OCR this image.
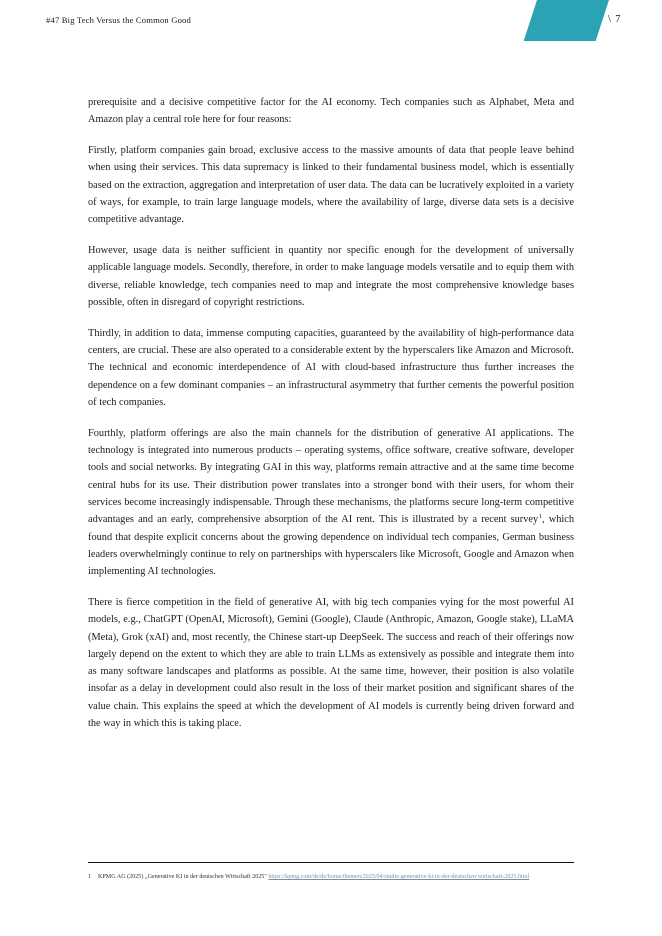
#47 Big Tech Versus the Common Good	\ 7

prerequisite and a decisive competitive factor for the AI economy. Tech companies such as Alphabet, Meta and Amazon play a central role here for four reasons:

Firstly, platform companies gain broad, exclusive access to the massive amounts of data that people leave behind when using their services. This data supremacy is linked to their fundamental business model, which is essentially based on the extraction, aggregation and interpretation of user data. The data can be lucratively exploited in a variety of ways, for example, to train large language models, where the availability of large, diverse data sets is a decisive competitive advantage.

However, usage data is neither sufficient in quantity nor specific enough for the development of universally applicable language models. Secondly, therefore, in order to make language models versatile and to equip them with diverse, reliable knowledge, tech companies need to map and integrate the most comprehensive knowledge bases possible, often in disregard of copyright restrictions.

Thirdly, in addition to data, immense computing capacities, guaranteed by the availability of high-performance data centers, are crucial. These are also operated to a considerable extent by the hyperscalers like Amazon and Microsoft. The technical and economic interdependence of AI with cloud-based infrastructure thus further increases the dependence on a few dominant companies – an infrastructural asymmetry that further cements the powerful position of tech companies.

Fourthly, platform offerings are also the main channels for the distribution of generative AI applications. The technology is integrated into numerous products – operating systems, office software, creative software, developer tools and social networks. By integrating GAI in this way, platforms remain attractive and at the same time become central hubs for its use. Their distribution power translates into a stronger bond with their users, for whom their services become increasingly indispensable. Through these mechanisms, the platforms secure long-term competitive advantages and an early, comprehensive absorption of the AI rent. This is illustrated by a recent survey$^1$, which found that despite explicit concerns about the growing dependence on individual tech companies, German business leaders overwhelmingly continue to rely on partnerships with hyperscalers like Microsoft, Google and Amazon when implementing AI technologies.

There is fierce competition in the field of generative AI, with big tech companies vying for the most powerful AI models, e.g., ChatGPT (OpenAI, Microsoft), Gemini (Google), Claude (Anthropic, Amazon, Google stake), LLaMA (Meta), Grok (xAI) and, most recently, the Chinese start-up DeepSeek. The success and reach of their offerings now largely depend on the extent to which they are able to train LLMs as extensively as possible and integrate them into as many software landscapes and platforms as possible. At the same time, however, their position is also volatile insofar as a delay in development could also result in the loss of their market position and significant shares of the value chain. This explains the speed at which the development of AI models is currently being driven forward and the way in which this is taking place.

1	KPMG AG (2025) „Generative KI in der deutschen Wirtschaft 2025" https://kpmg.com/de/de/home/themen/2025/04/studie-generative-ki-in-der-deutschen-wirtschaft-2025.html
